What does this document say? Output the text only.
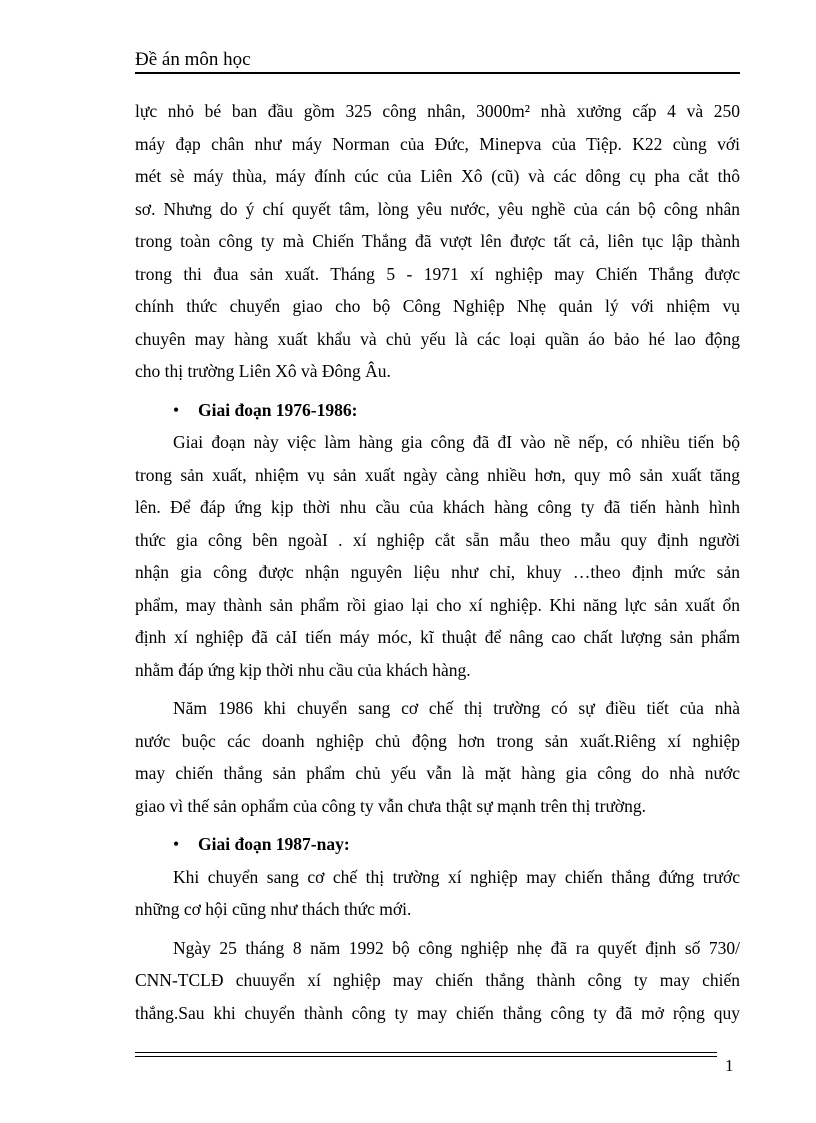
Đề án môn học
lực nhỏ bé ban đầu gồm 325 công nhân, 3000m² nhà xưởng cấp 4 và 250
máy đạp chân như máy Norman của Đức, Minepva của Tiệp. K22 cùng với
mét sè máy thùa, máy đính cúc của Liên Xô (cũ) và các dông cụ pha cắt thô
sơ. Nhưng do ý chí quyết tâm, lòng yêu nước, yêu nghề của cán bộ công nhân
trong toàn công ty mà Chiến Thắng đã vượt lên được tất cả, liên tục lập thành
trong thi đua sản xuất. Tháng 5 - 1971 xí nghiệp may Chiến Thắng được
chính thức chuyển giao cho bộ Công Nghiệp Nhẹ quản lý với nhiệm vụ
chuyên may hàng xuất khẩu và chủ yếu là các loại quần áo bảo hé lao động
cho thị trường Liên Xô và Đông Âu.
• Giai đoạn 1976-1986:
Giai đoạn này việc làm hàng gia công đã đI vào nề nếp, có nhiều tiến bộ
trong sản xuất, nhiệm vụ sản xuất ngày càng nhiều hơn, quy mô sản xuất tăng
lên. Để đáp ứng kịp thời nhu cầu của khách hàng công ty đã tiến hành hình
thức gia công bên ngoàI . xí nghiệp cắt sẵn mẫu theo mẫu quy định người
nhận gia công được nhận nguyên liệu như chỉ, khuy …theo định mức sản
phẩm, may thành sản phẩm rồi giao lại cho xí nghiệp. Khi năng lực sản xuất ổn
định xí nghiệp đã cảI tiến máy móc, kĩ thuật để nâng cao chất lượng sản phẩm
nhằm đáp ứng kịp thời nhu cầu của khách hàng.
Năm 1986 khi chuyển sang cơ chế thị trường có sự điều tiết của nhà
nước buộc các doanh nghiệp chủ động hơn trong sản xuất.Riêng xí nghiệp
may chiến thắng sản phẩm chủ yếu vẫn là mặt hàng gia công do nhà nước
giao vì thế sản ophẩm của công ty vẫn chưa thật sự mạnh trên thị trường.
• Giai đoạn 1987-nay:
Khi chuyển sang cơ chế thị trường xí nghiệp may chiến thắng đứng trước
những cơ hội cũng như thách thức mới.
Ngày 25 tháng 8 năm 1992 bộ công nghiệp nhẹ đã ra quyết định số 730/
CNN-TCLĐ chuuyển xí nghiệp may chiến thắng thành công ty may chiến
thắng.Sau khi chuyển thành công ty may chiến thắng công ty đã mở rộng quy
1
